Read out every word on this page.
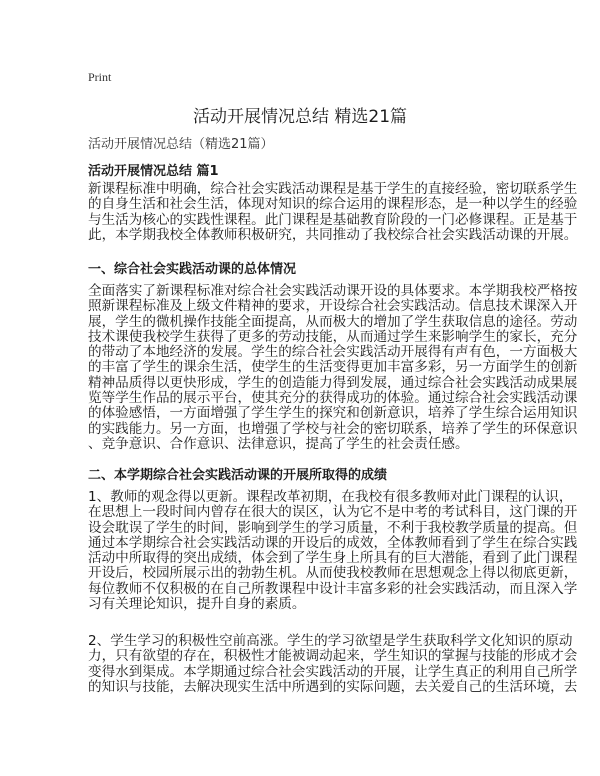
Print
活动开展情况总结 精选21篇
活动开展情况总结（精选21篇）
活动开展情况总结 篇1
新课程标准中明确，综合社会实践活动课程是基于学生的直接经验，密切联系学生
的自身生活和社会生活，体现对知识的综合运用的课程形态，是一种以学生的经验
与生活为核心的实践性课程。此门课程是基础教育阶段的一门必修课程。正是基于
此，本学期我校全体教师积极研究，共同推动了我校综合社会实践活动课的开展。
一、综合社会实践活动课的总体情况
全面落实了新课程标准对综合社会实践活动课开设的具体要求。本学期我校严格按
照新课程标准及上级文件精神的要求，开设综合社会实践活动。信息技术课深入开
展，学生的微机操作技能全面提高，从而极大的增加了学生获取信息的途径。劳动
技术课使我校学生获得了更多的劳动技能，从而通过学生来影响学生的家长，充分
的带动了本地经济的发展。学生的综合社会实践活动开展得有声有色，一方面极大
的丰富了学生的课余生活，使学生的生活变得更加丰富多彩，另一方面学生的创新
精神品质得以更快形成，学生的创造能力得到发展，通过综合社会实践活动成果展
览等学生作品的展示平台，使其充分的获得成功的体验。通过综合社会实践活动课
的体验感悟，一方面增强了学生学生的探究和创新意识，培养了学生综合运用知识
的实践能力。另一方面，也增强了学校与社会的密切联系，培养了学生的环保意识
、竞争意识、合作意识、法律意识，提高了学生的社会责任感。
二、本学期综合社会实践活动课的开展所取得的成绩
1、教师的观念得以更新。课程改革初期，在我校有很多教师对此门课程的认识，
在思想上一段时间内曾存在很大的误区，认为它不是中考的考试科目，这门课的开
设会耽误了学生的时间，影响到学生的学习质量，不利于我校教学质量的提高。但
通过本学期综合社会实践活动课的开设后的成效，全体教师看到了学生在综合实践
活动中所取得的突出成绩，体会到了学生身上所具有的巨大潜能，看到了此门课程
开设后，校园所展示出的勃勃生机。从而使我校教师在思想观念上得以彻底更新，
每位教师不仅积极的在自己所教课程中设计丰富多彩的社会实践活动，而且深入学
习有关理论知识，提升自身的素质。
2、学生学习的积极性空前高涨。学生的学习欲望是学生获取科学文化知识的原动
力，只有欲望的存在，积极性才能被调动起来，学生知识的掌握与技能的形成才会
变得水到渠成。本学期通过综合社会实践活动的开展，让学生真正的利用自己所学
的知识与技能，去解决现实生活中所遇到的实际问题，去关爱自己的生活环境，去
